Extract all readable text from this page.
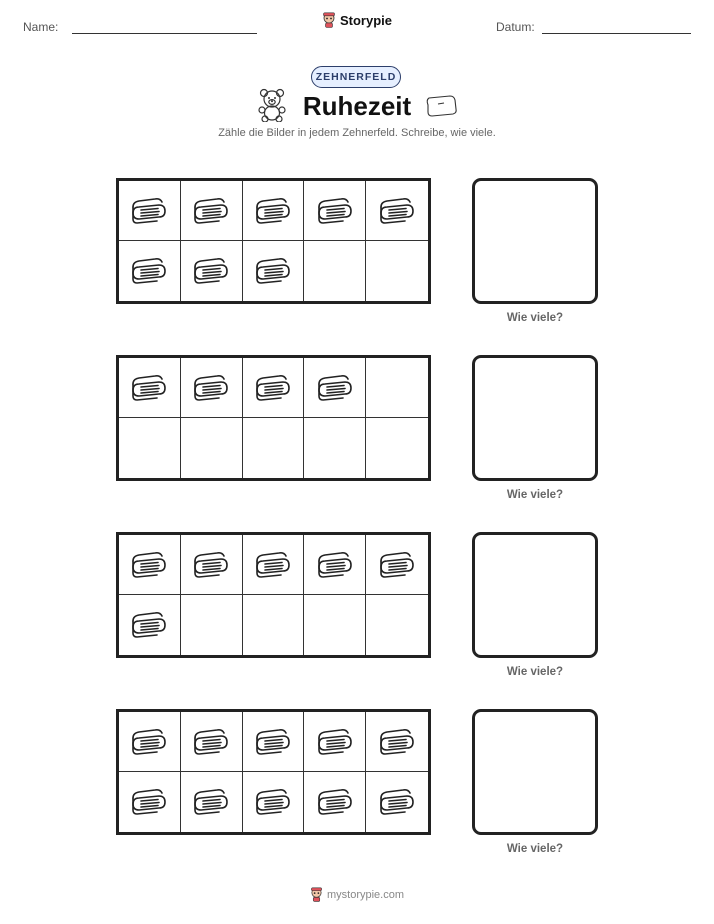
Name:	Storypie	Datum:
ZEHNERFELD
Ruhezeit
Zähle die Bilder in jedem Zehnerfeld. Schreibe, wie viele.
Wie viele?
Wie viele?
Wie viele?
Wie viele?
mystorypie.com
